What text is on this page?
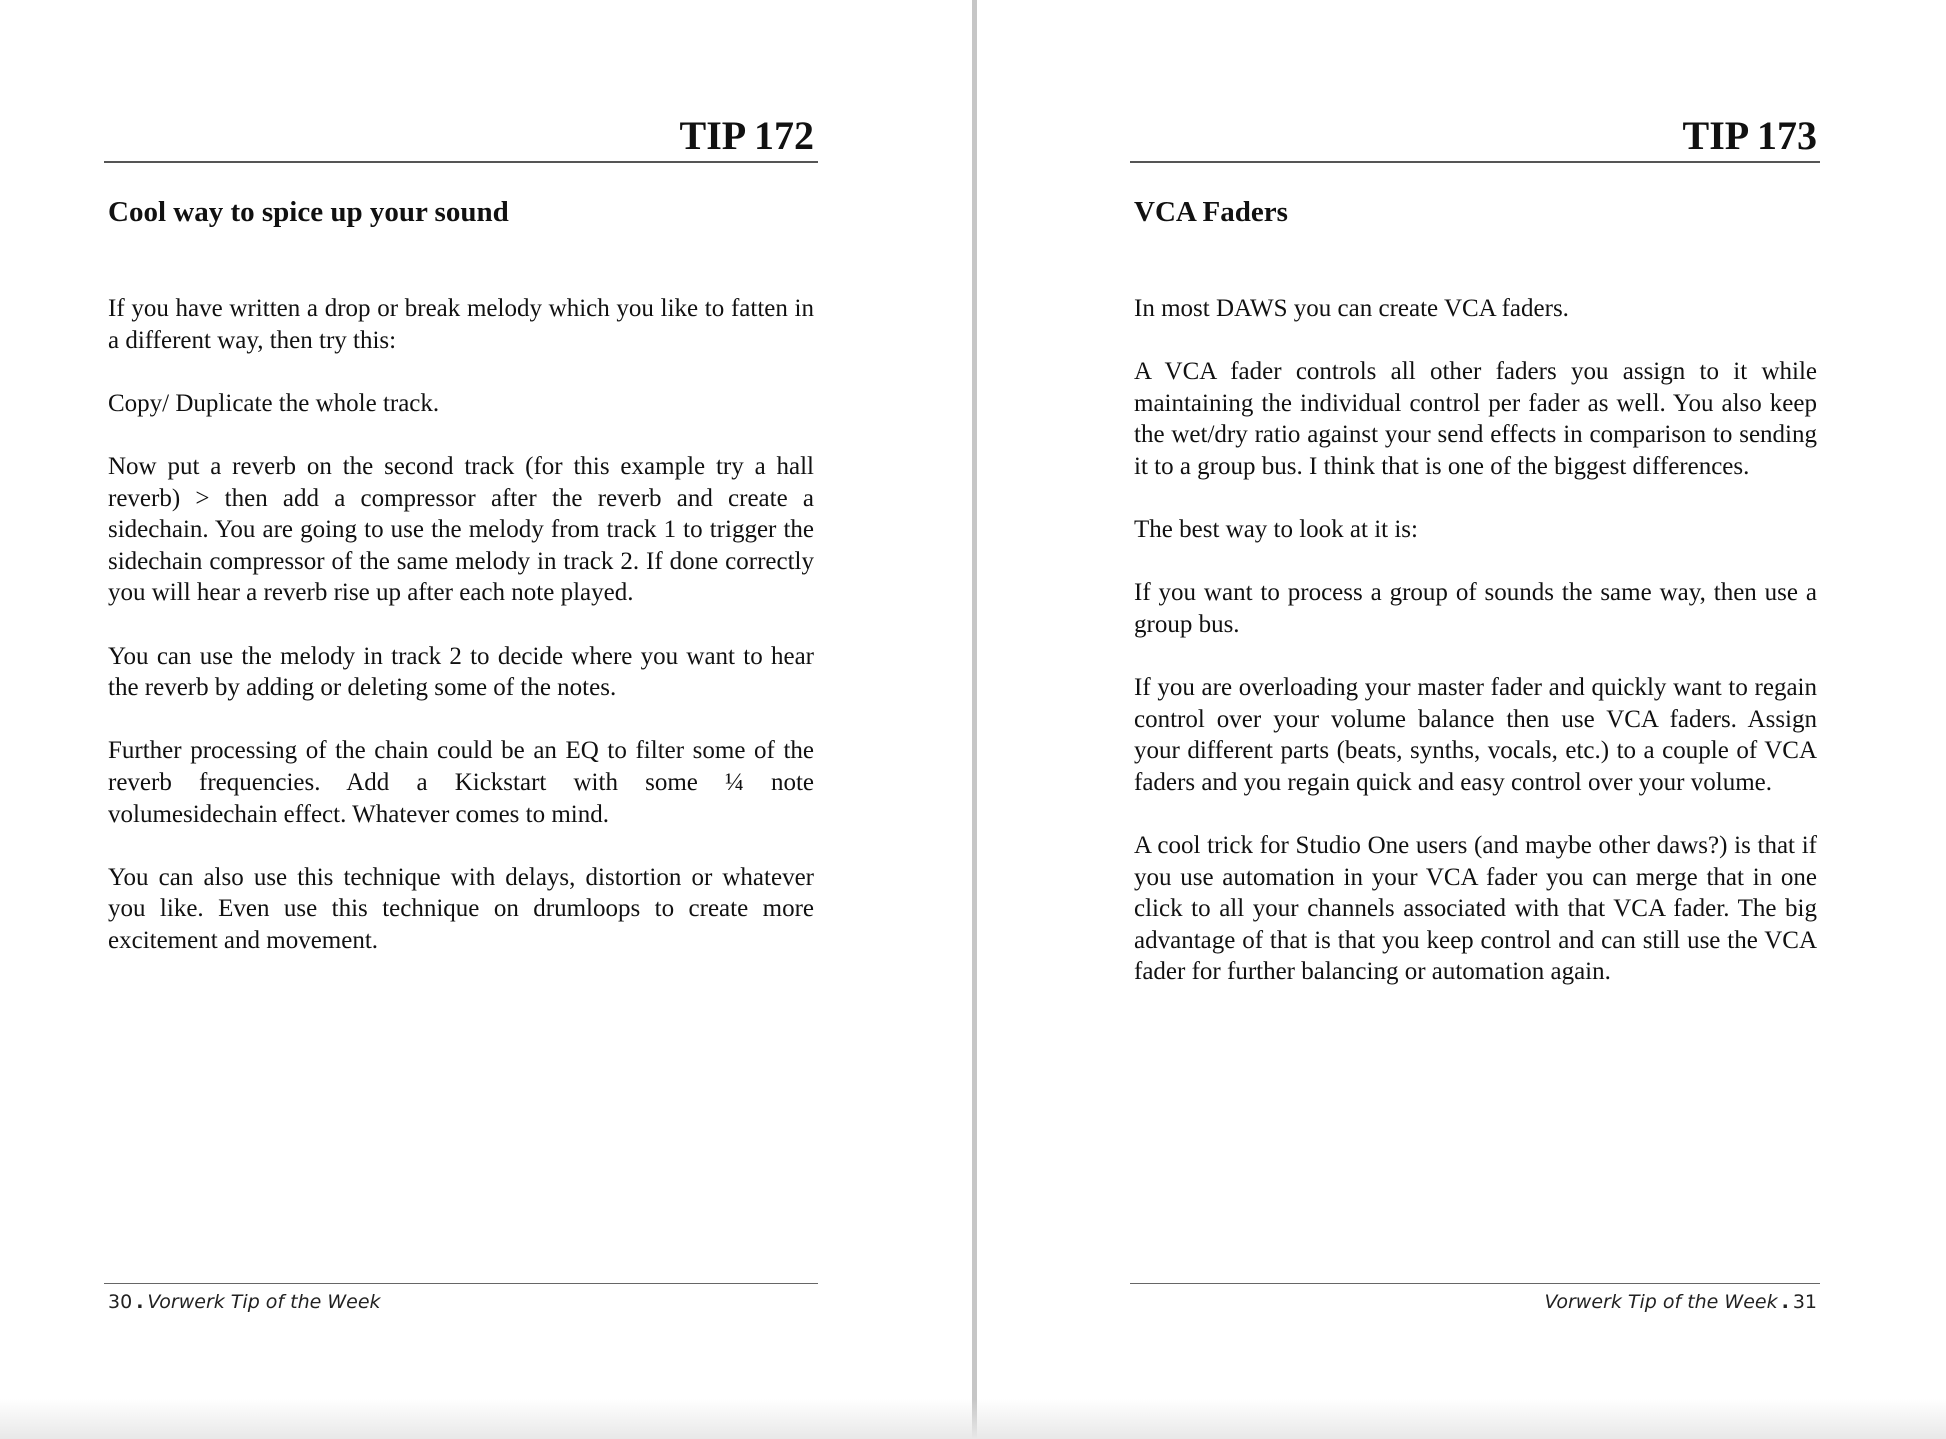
TIP 172
Cool way to spice up your sound

If you have written a drop or break melody which you like to fatten in a different way, then try this:

Copy/ Duplicate the whole track.

Now put a reverb on the second track (for this example try a hall reverb) > then add a compressor after the reverb and create a sidechain. You are going to use the melody from track 1 to trigger the sidechain compressor of the same melody in track 2. If done correctly you will hear a reverb rise up after each note played.

You can use the melody in track 2 to decide where you want to hear the reverb by adding or deleting some of the notes.

Further processing of the chain could be an EQ to filter some of the reverb frequencies. Add a Kickstart with some ¼ note volumesidechain effect. Whatever comes to mind.

You can also use this technique with delays, distortion or whatever you like. Even use this technique on drumloops to create more excitement and movement.

30 . Vorwerk Tip of the Week
TIP 173
VCA Faders

In most DAWS you can create VCA faders.

A VCA fader controls all other faders you assign to it while maintaining the individual control per fader as well. You also keep the wet/dry ratio against your send effects in comparison to sending it to a group bus. I think that is one of the biggest differences.

The best way to look at it is:

If you want to process a group of sounds the same way, then use a group bus.

If you are overloading your master fader and quickly want to regain control over your volume balance then use VCA faders. Assign your different parts (beats, synths, vocals, etc.) to a couple of VCA faders and you regain quick and easy control over your volume.

A cool trick for Studio One users (and maybe other daws?) is that if you use automation in your VCA fader you can merge that in one click to all your channels associated with that VCA fader. The big advantage of that is that you keep control and can still use the VCA fader for further balancing or automation again.

Vorwerk Tip of the Week . 31
